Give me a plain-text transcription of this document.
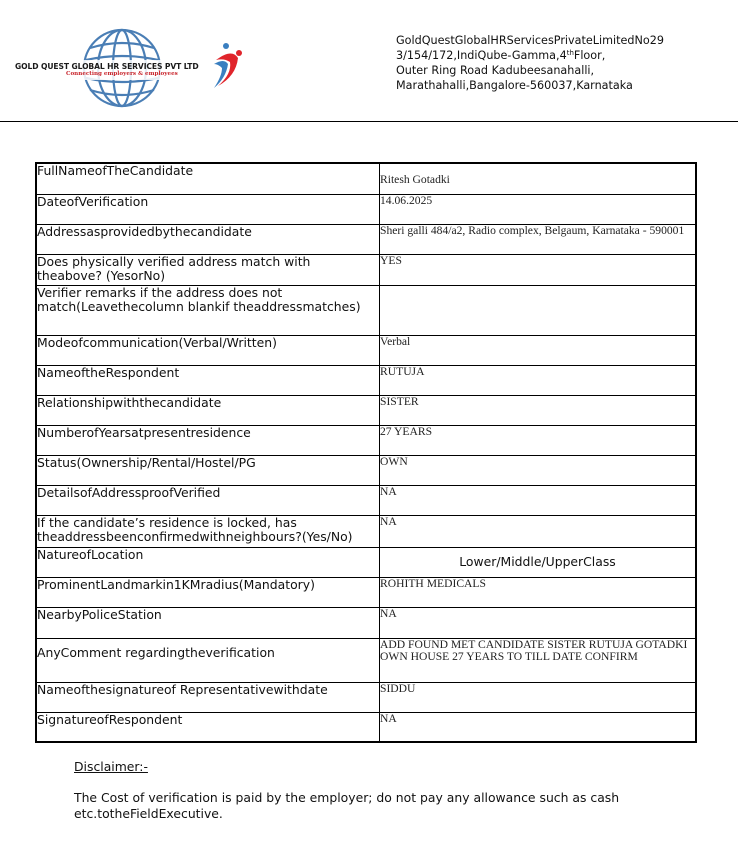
GOLD QUEST GLOBAL HR SERVICES PVT LTD
Connecting employers & employees
GoldQuestGlobalHRServicesPrivateLimitedNo29
3/154/172,IndiQube-Gamma,4thFloor,
Outer Ring Road Kadubeesanahalli,
Marathahalli,Bangalore-560037,Karnataka
FullNameofTheCandidate	Ritesh Gotadki
DateofVerification	14.06.2025
Addressasprovidedbythecandidate	Sheri galli 484/a2, Radio complex, Belgaum, Karnataka - 590001
Does physically verified address match with theabove? (YesorNo)	YES
Verifier remarks if the address does not match(Leavethecolumn blankif theaddressmatches)	
Modeofcommunication(Verbal/Written)	Verbal
NameoftheRespondent	RUTUJA
Relationshipwiththecandidate	SISTER
NumberofYearsatpresentresidence	27 YEARS
Status(Ownership/Rental/Hostel/PG	OWN
DetailsofAddressproofVerified	NA
If the candidate’s residence is locked, has theaddressbeenconfirmedwithneighbours?(Yes/No)	NA
NatureofLocation	Lower/Middle/UpperClass
ProminentLandmarkin1KMradius(Mandatory)	ROHITH MEDICALS
NearbyPoliceStation	NA
AnyComment regardingtheverification	ADD FOUND MET CANDIDATE SISTER RUTUJA GOTADKI OWN HOUSE 27 YEARS TO TILL DATE CONFIRM
Nameofthesignatureof Representativewithdate	SIDDU
SignatureofRespondent	NA
Disclaimer:-
The Cost of verification is paid by the employer; do not pay any allowance such as cash etc.totheFieldExecutive.
